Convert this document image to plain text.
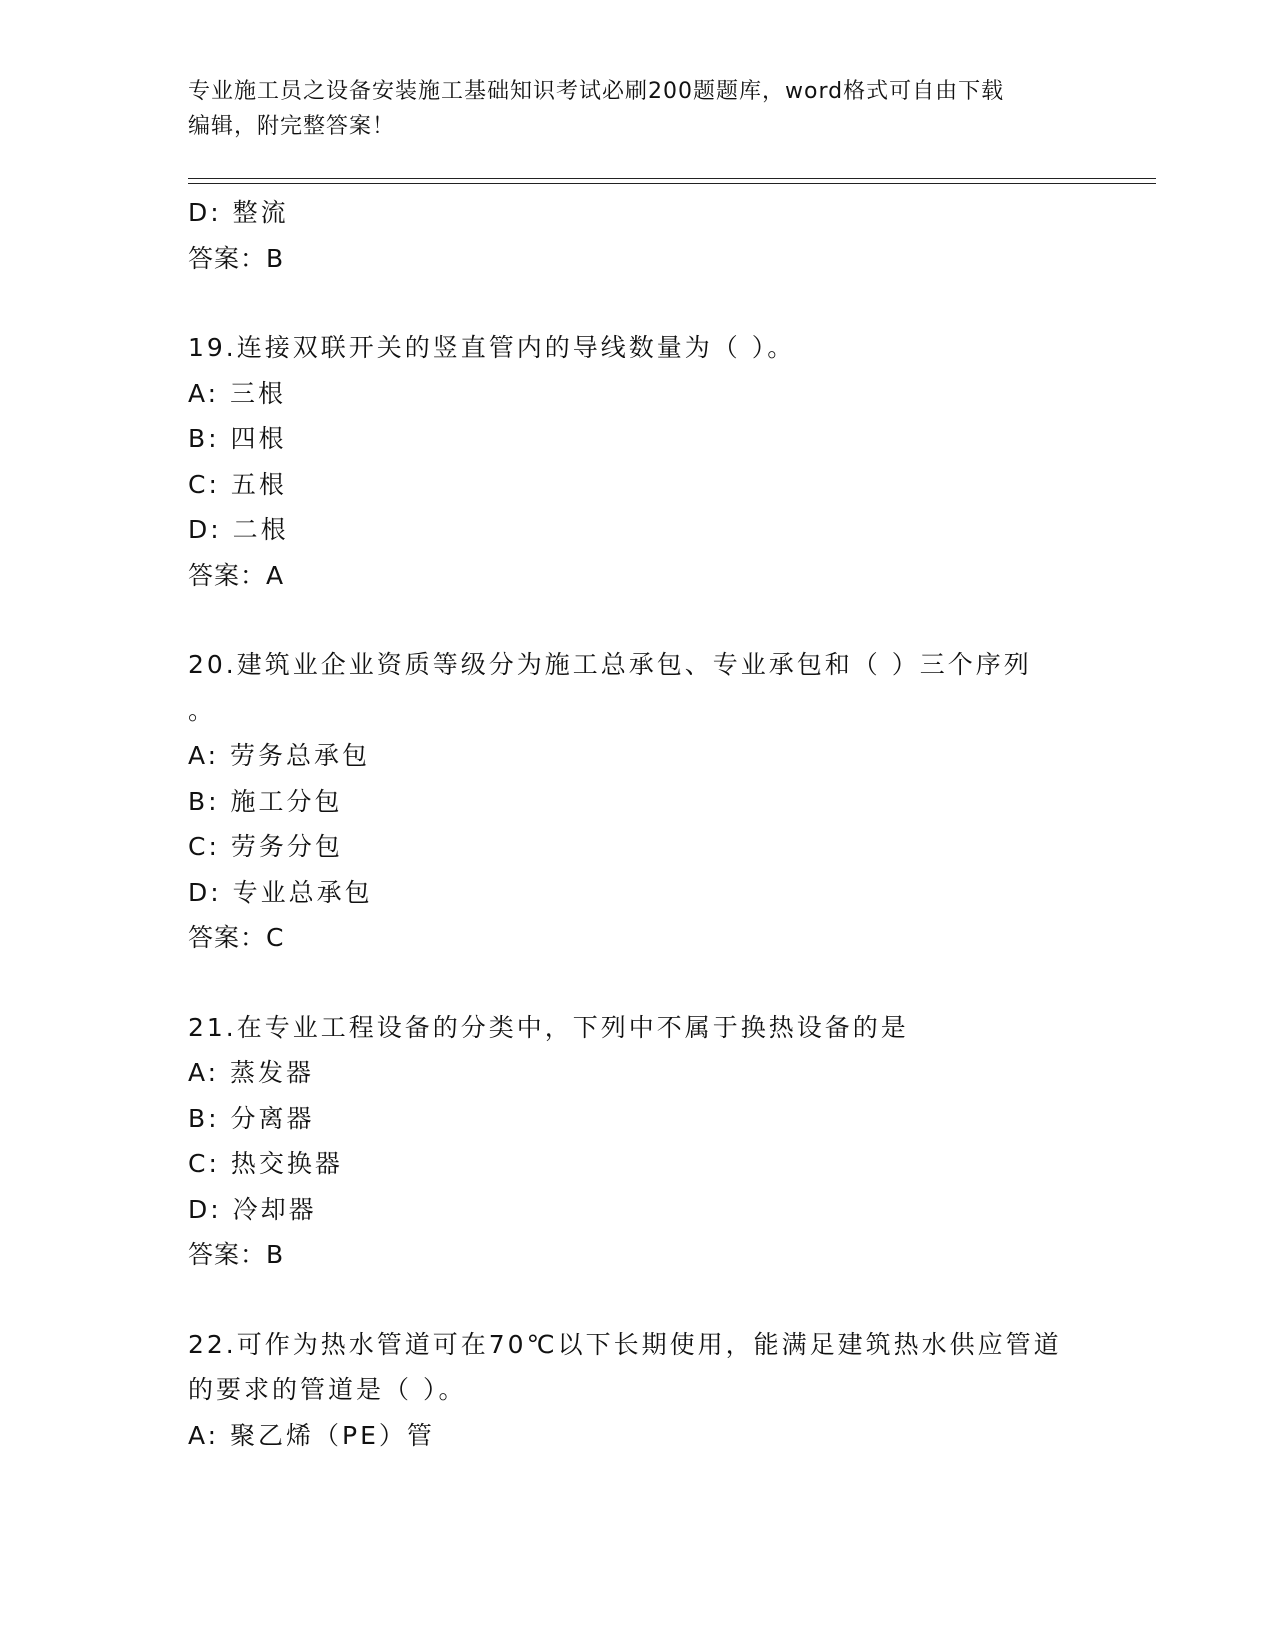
专业施工员之设备安装施工基础知识考试必刷200题题库，word格式可自由下载
编辑，附完整答案！
D: 整流
答案：B
19.连接双联开关的竖直管内的导线数量为（ ）。
A: 三根
B: 四根
C: 五根
D: 二根
答案：A
20.建筑业企业资质等级分为施工总承包、专业承包和（ ）三个序列
。
A: 劳务总承包
B: 施工分包
C: 劳务分包
D: 专业总承包
答案：C
21.在专业工程设备的分类中，下列中不属于换热设备的是
A: 蒸发器
B: 分离器
C: 热交换器
D: 冷却器
答案：B
22.可作为热水管道可在70℃以下长期使用，能满足建筑热水供应管道
的要求的管道是（ ）。
A: 聚乙烯（PE）管
